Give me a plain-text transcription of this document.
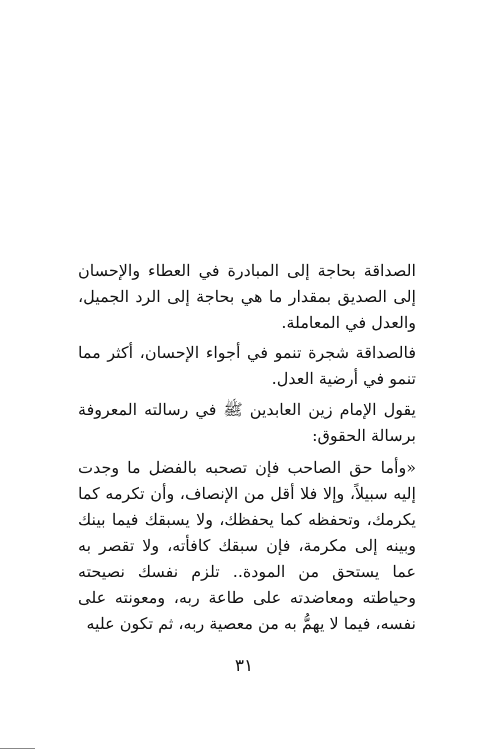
الصداقة بحاجة إلى المبادرة في العطاء والإحسان إلى الصديق بمقدار ما هي بحاجة إلى الرد الجميل، والعدل في المعاملة.

فالصداقة شجرة تنمو في أجواء الإحسان، أكثر مما تنمو في أرضية العدل.

يقول الإمام زين العابدين ﷺ في رسالته المعروفة برسالة الحقوق:

«وأما حق الصاحب فإن تصحبه بالفضل ما وجدت إليه سبيلاً، وإلا فلا أقل من الإنصاف، وأن تكرمه كما يكرمك، وتحفظه كما يحفظك، ولا يسبقك فيما بينك وبينه إلى مكرمة، فإن سبقك كافأته، ولا تقصر به عما يستحق من المودة.. تلزم نفسك نصيحته وحياطته ومعاضدته على طاعة ربه، ومعونته على نفسه، فيما لا يهمُّ به من معصية ربه، ثم تكون عليه

٣١
